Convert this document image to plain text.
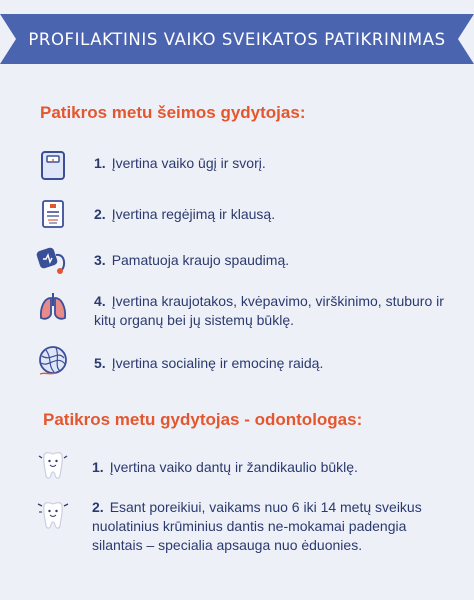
PROFILAKTINIS VAIKO SVEIKATOS PATIKRINIMAS
Patikros metu šeimos gydytojas:
1. Įvertina vaiko ūgį ir svorį.
2. Įvertina regėjimą ir klausą.
3. Pamatuoja kraujo spaudimą.
4. Įvertina kraujotakos, kvėpavimo, virškinimo, stuburo ir kitų organų bei jų sistemų būklę.
5. Įvertina socialinę ir emocinę raidą.
Patikros metu gydytojas - odontologas:
1. Įvertina vaiko dantų ir žandikaulio būklę.
2. Esant poreikiui, vaikams nuo 6 iki 14 metų sveikus nuolatinius krūminius dantis ne-mokamai padengia silantais – specialia apsauga nuo ėduonies.
